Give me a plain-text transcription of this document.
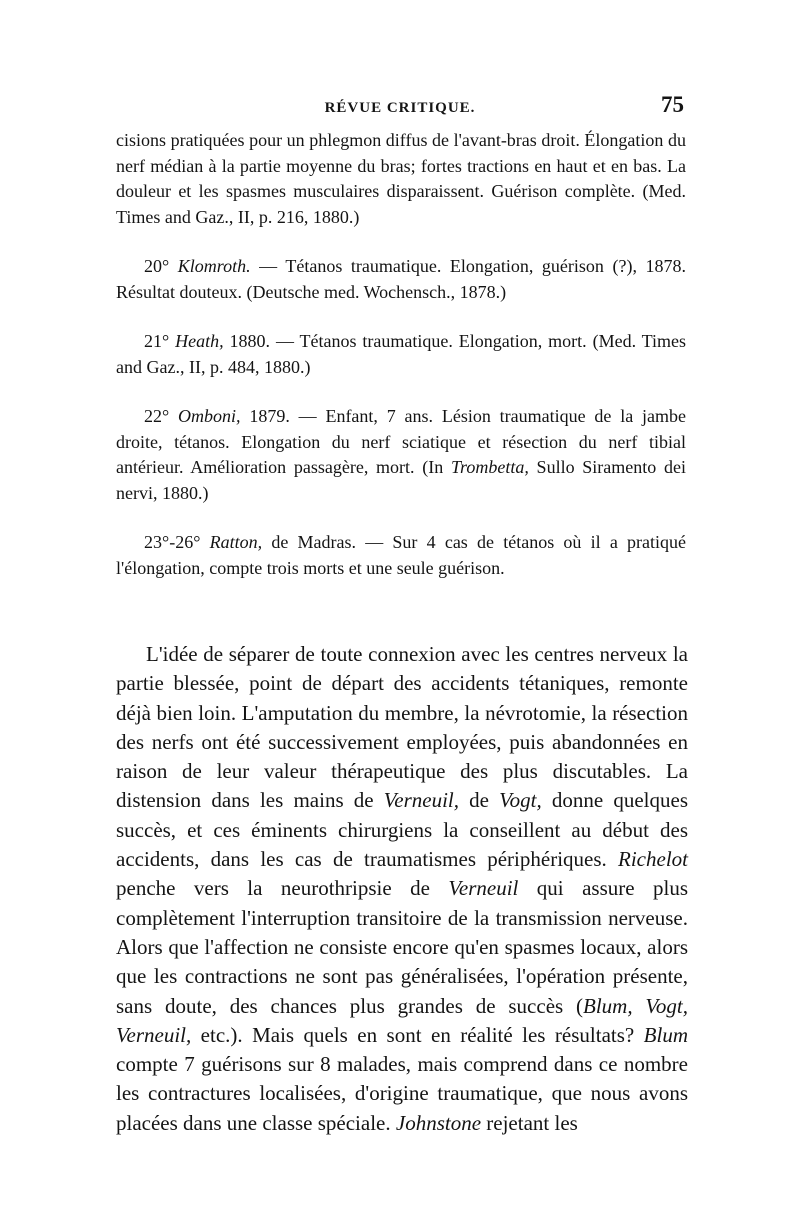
RÉVUE CRITIQUE.	75

cisions pratiquées pour un phlegmon diffus de l'avant-bras droit. Élongation du nerf médian à la partie moyenne du bras; fortes tractions en haut et en bas. La douleur et les spasmes musculaires disparaissent. Guérison complète. (Med. Times and Gaz., II, p. 216, 1880.)

20° Klomroth. — Tétanos traumatique. Elongation, guérison (?), 1878. Résultat douteux. (Deutsche med. Wochensch., 1878.)

21° Heath, 1880. — Tétanos traumatique. Elongation, mort. (Med. Times and Gaz., II, p. 484, 1880.)

22° Omboni, 1879. — Enfant, 7 ans. Lésion traumatique de la jambe droite, tétanos. Elongation du nerf sciatique et résection du nerf tibial antérieur. Amélioration passagère, mort. (In Trombetta, Sullo Siramento dei nervi, 1880.)

23°-26° Ratton, de Madras. — Sur 4 cas de tétanos où il a pratiqué l'élongation, compte trois morts et une seule guérison.

L'idée de séparer de toute connexion avec les centres nerveux la partie blessée, point de départ des accidents tétaniques, remonte déjà bien loin. L'amputation du membre, la névrotomie, la résection des nerfs ont été successivement employées, puis abandonnées en raison de leur valeur thérapeutique des plus discutables. La distension dans les mains de Verneuil, de Vogt, donne quelques succès, et ces éminents chirurgiens la conseillent au début des accidents, dans les cas de traumatismes périphériques. Richelot penche vers la neurothripsie de Verneuil qui assure plus complètement l'interruption transitoire de la transmission nerveuse. Alors que l'affection ne consiste encore qu'en spasmes locaux, alors que les contractions ne sont pas généralisées, l'opération présente, sans doute, des chances plus grandes de succès (Blum, Vogt, Verneuil, etc.). Mais quels en sont en réalité les résultats? Blum compte 7 guérisons sur 8 malades, mais comprend dans ce nombre les contractures localisées, d'origine traumatique, que nous avons placées dans une classe spéciale. Johnstone rejetant les
